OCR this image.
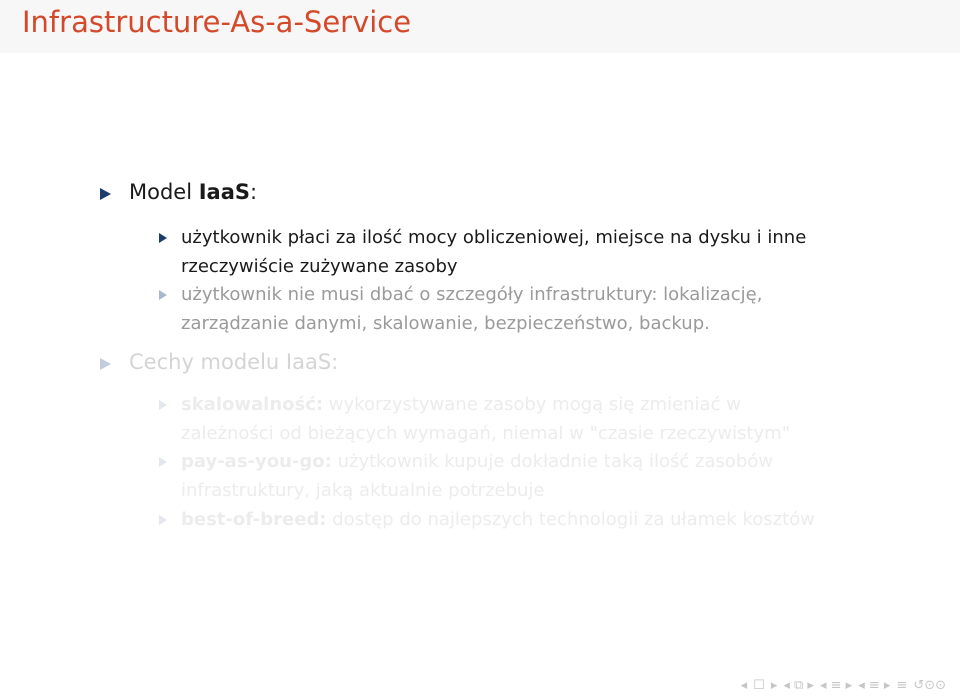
Infrastructure-As-a-Service
Model IaaS:
użytkownik płaci za ilość mocy obliczeniowej, miejsce na dysku i inne
rzeczywiście zużywane zasoby
użytkownik nie musi dbać o szczegóły infrastruktury: lokalizację,
zarządzanie danymi, skalowanie, bezpieczeństwo, backup.
Cechy modelu IaaS:
skalowalność: wykorzystywane zasoby mogą się zmieniać w
zależności od bieżących wymagań, niemal w "czasie rzeczywistym"
pay-as-you-go: użytkownik kupuje dokładnie taką ilość zasobów
infrastruktury, jaką aktualnie potrzebuje
best-of-breed: dostęp do najlepszych technologii za ułamek kosztów
◂ ☐ ▸ ◂ ⧉ ▸ ◂ ≡ ▸ ◂ ≡ ▸ ≡ ↺⊙⊙
